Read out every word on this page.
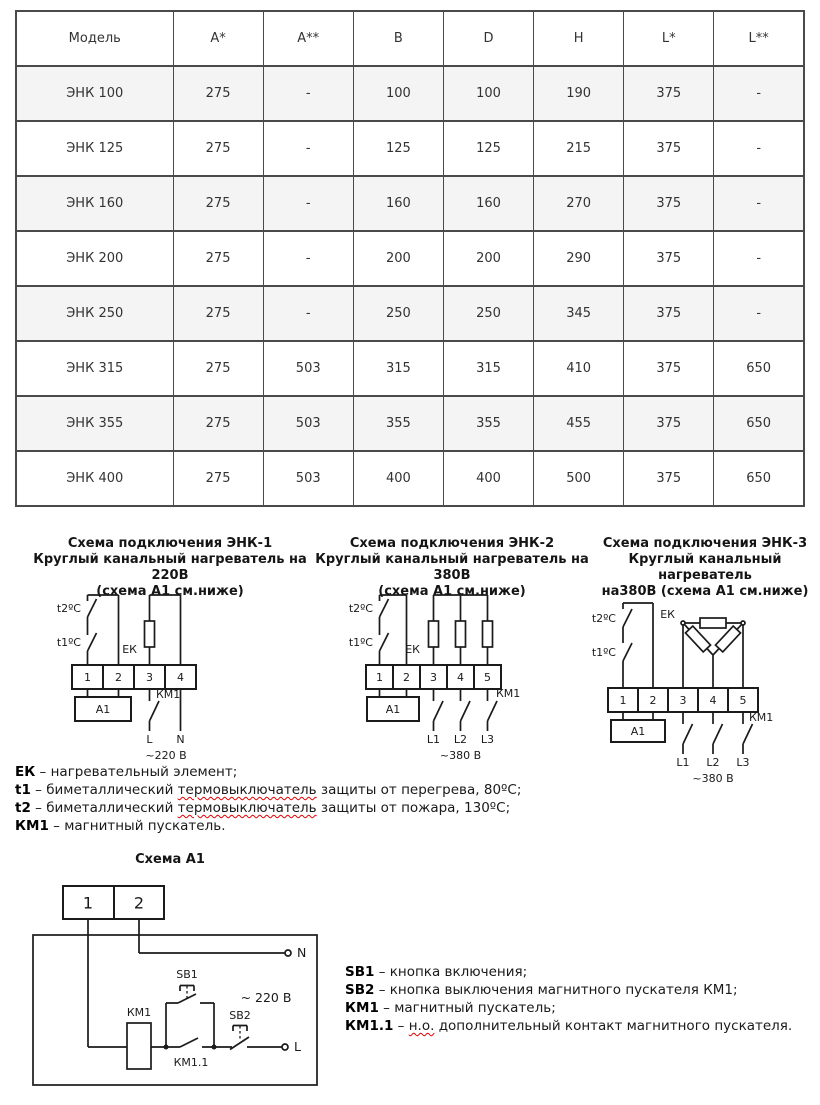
Модель	A*	A**	B	D	H	L*	L**
ЭНК 100	275	-	100	100	190	375	-
ЭНК 125	275	-	125	125	215	375	-
ЭНК 160	275	-	160	160	270	375	-
ЭНК 200	275	-	200	200	290	375	-
ЭНК 250	275	-	250	250	345	375	-
ЭНК 315	275	503	315	315	410	375	650
ЭНК 355	275	503	355	355	455	375	650
ЭНК 400	275	503	400	400	500	375	650
Схема подключения ЭНК-1
Круглый канальный нагреватель на 220В
(схема А1 см.ниже)
Схема подключения ЭНК-2
Круглый канальный нагреватель на 380В
(схема А1 см.ниже)
Схема подключения ЭНК-3
Круглый канальный нагреватель
на380В (схема А1 см.ниже)
t2ºC
t1ºC
ЕК
КМ1
1 2 3 4
А1
L N
~220 В
t2ºC
t1ºC
ЕК
КМ1
1 2 3 4 5
А1
L1 L2 L3
~380 В
t2ºC
t1ºC
ЕК
КМ1
1 2 3 4 5
А1
L1 L2 L3
~380 В
ЕК – нагревательный элемент;
t1 – биметаллический термовыключатель защиты от перегрева, 80ºС;
t2 – биметаллический термовыключатель защиты от пожара, 130ºС;
КМ1 – магнитный пускатель.
Схема А1
1	2
N
L
КМ1
КМ1.1
SB1
SB2
~ 220 В
SB1 – кнопка включения;
SB2 – кнопка выключения магнитного пускателя КМ1;
КМ1 – магнитный пускатель;
КМ1.1 – н.о. дополнительный контакт магнитного пускателя.
